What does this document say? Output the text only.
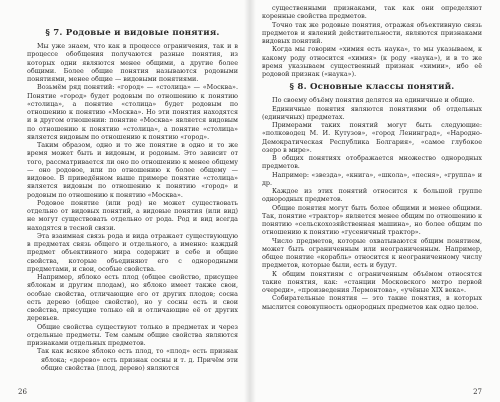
§ 7. Родовые и видовые понятия.

Мы уже знаем, что как в процессе ограничения, так и в процессе обобщения получаются разные понятия, из которых одни являются менее общими, а другие более общими. Более общие понятия называются родовыми понятиями, менее общие — видовыми понятиями.

Возьмём ряд понятий: «город» — «столица» — «Москва». Понятие «город» будет родовым по отношению к понятию «столица», а понятие «столица» будет родовым по отношению к понятию «Москва». Но эти понятия находятся и в другом отношении: понятие «Москва» является видовым по отношению к понятию «столица», а понятие «столица» является видовым по отношению к понятию «город».

Таким образом, одно и то же понятие в одно и то же время может быть и видовым, и родовым. Это зависит от того, рассматривается ли оно по отношению к менее общему — оно родовое, или по отношению к более общему — видовое. В приведённом выше примере понятие «столица» является видовым по отношению к понятию «город» и родовым по отношению к понятию «Москва».

Родовое понятие (или род) не может существовать отдельно от видовых понятий, а видовые понятия (или вид) не могут существовать отдельно от рода. Род и вид всегда находятся в тесной связи.

Эта взаимная связь рода и вида отражает существующую в предметах связь общего и отдельного, а именно: каждый предмет объективного мира содержит в себе и общие свойства, которые объединяют его с однородными предметами, и свои, особые свойства.

Например, яблоко есть плод (общее свойство, присущее яблокам и другим плодам), но яблоко имеет также свои, особые свойства, отличающие его от других плодов; сосна есть дерево (общее свойство), но у сосны есть и свои свойства, присущие только ей и отличающие её от других деревьев.

Общие свойства существуют только в предметах и через отдельные предметы. Тем самым общие свойства являются признаками отдельных предметов.

Так как всякое яблоко есть плод, то «плод» есть признак яблока; «дерево» есть признак сосны и т. д. Причём эти общие свойства (плод, дерево) являются

26

существенными признаками, так как они определяют коренные свойства предметов.

Точно так же родовые понятия, отражая объективную связь предметов и явлений действительности, являются признаками видовых понятий.

Когда мы говорим «химия есть наука», то мы указываем, к какому роду относится «химия» (к роду «наука»), и в то же время указываем существенный признак «химии», ибо её родовой признак («наука»).

§ 8. Основные классы понятий.

По своему объёму понятия делятся на единичные и общие.

Единичные понятия являются понятиями об отдельных (единичных) предметах.

Примерами таких понятий могут быть следующие: «полководец М. И. Кутузов», «город Ленинград», «Народно-Демократическая Республика Болгария», «самое глубокое озеро в мире».

В общих понятиях отображается множество однородных предметов.

Например: «звезда», «книга», «школа», «песня», «группа» и др.

Каждое из этих понятий относится к большой группе однородных предметов.

Общие понятия могут быть более общими и менее общими. Так, понятие «трактор» является менее общим по отношению к понятию «сельскохозяйственная машина», но более общим по отношению к понятию «гусеничный трактор».

Число предметов, которые охватываются общим понятием, может быть ограниченным или неограниченным. Например, общее понятие «корабль» относится к неограниченному числу предметов, которые были, есть и будут.

К общим понятиям с ограниченным объёмом относятся такие понятия, как: «станции Московского метро первой очереди», «произведения Лермонтова», «учёные XIX века».

Собирательные понятия — это такие понятия, в которых мыслится совокупность однородных предметов как одно целое.

27
